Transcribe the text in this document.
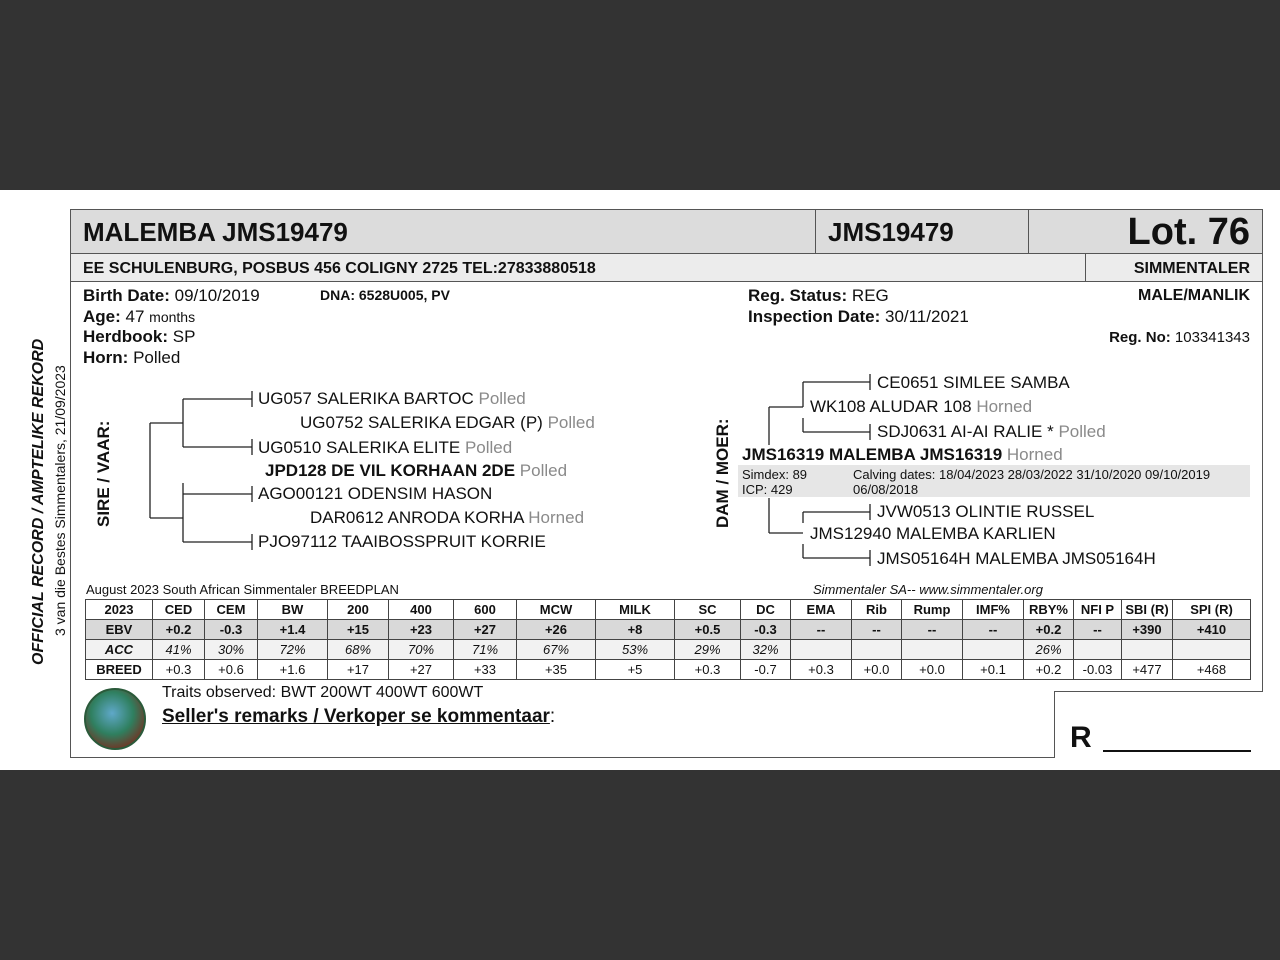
MALEMBA JMS19479	JMS19479	Lot. 76
EE SCHULENBURG, POSBUS 456 COLIGNY 2725 TEL:27833880518	SIMMENTALER
Birth Date: 09/10/2019	DNA: 6528U005, PV
Age: 47 months
Herdbook: SP
Horn: Polled
Reg. Status: REG
Inspection Date: 30/11/2021
MALE/MANLIK
Reg. No: 103341343
OFFICIAL RECORD / AMPTELIKE REKORD 3 van die Bestes Simmentalers, 21/09/2023 SIRE / VAAR:	DAM / MOER:
UG057 SALERIKA BARTOC Polled
UG0752 SALERIKA EDGAR (P) Polled
UG0510 SALERIKA ELITE Polled
JPD128 DE VIL KORHAAN 2DE Polled
AGO00121 ODENSIM HASON
DAR0612 ANRODA KORHA Horned
PJO97112 TAAIBOSSPRUIT KORRIE
CE0651 SIMLEE SAMBA
WK108 ALUDAR 108 Horned
SDJ0631 AI-AI RALIE * Polled
JMS16319 MALEMBA JMS16319 Horned
Simdex: 89
ICP: 429
Calving dates: 18/04/2023 28/03/2022 31/10/2020 09/10/2019
06/08/2018
JVW0513 OLINTIE RUSSEL
JMS12940 MALEMBA KARLIEN
JMS05164H MALEMBA JMS05164H
August 2023 South African Simmentaler BREEDPLAN	Simmentaler SA-- www.simmentaler.org
2023	CED	CEM	BW	200	400	600	MCW	MILK	SC	DC	EMA	Rib	Rump	IMF%	RBY%	NFI P	SBI (R)	SPI (R)
EBV	+0.2	-0.3	+1.4	+15	+23	+27	+26	+8	+0.5	-0.3	--	--	--	--	+0.2	--	+390	+410
ACC	41%	30%	72%	68%	70%	71%	67%	53%	29%	32%					26%			
BREED	+0.3	+0.6	+1.6	+17	+27	+33	+35	+5	+0.3	-0.7	+0.3	+0.0	+0.0	+0.1	+0.2	-0.03	+477	+468
Traits observed: BWT 200WT 400WT 600WT
Seller's remarks / Verkoper se kommentaar:
R
